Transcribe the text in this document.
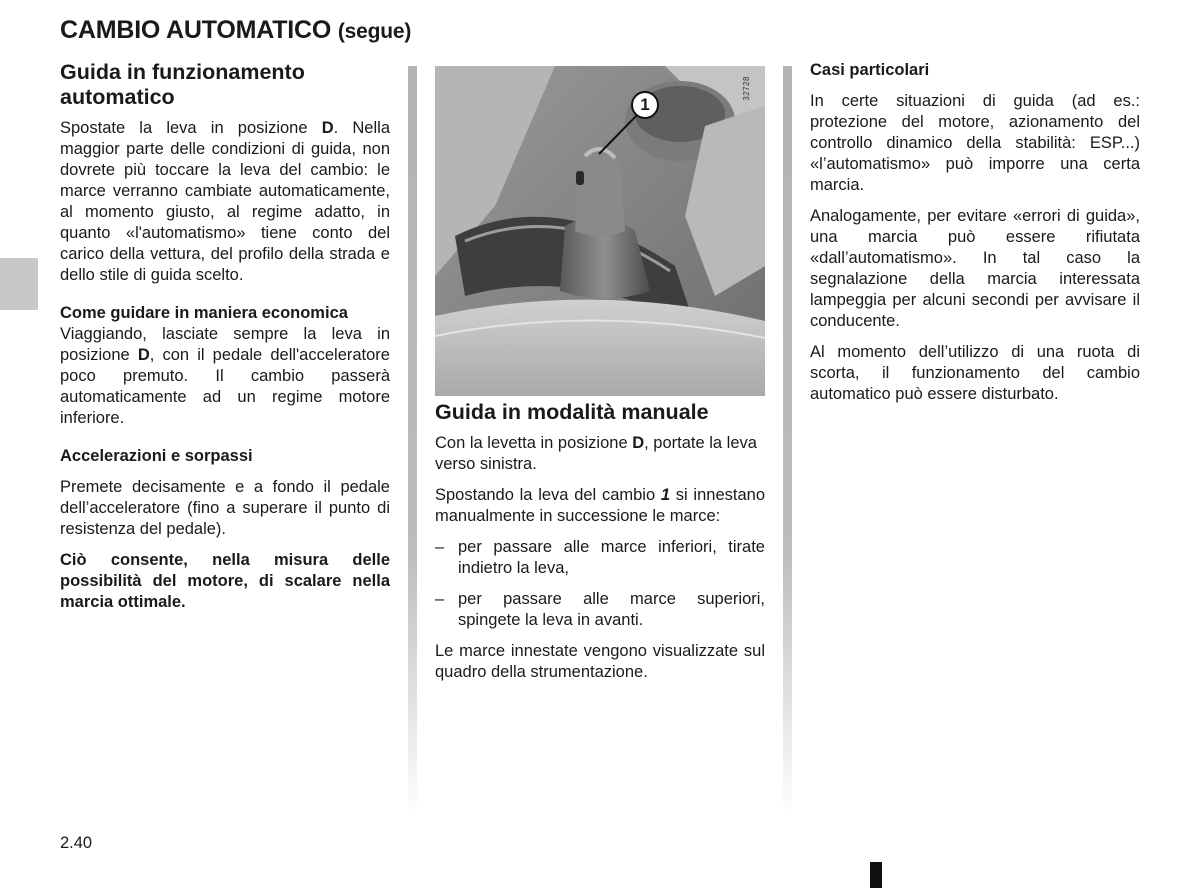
CAMBIO AUTOMATICO (segue)
Guida in funzionamento automatico

Spostate la leva in posizione D. Nella maggior parte delle condizioni di guida, non dovrete più toccare la leva del cambio: le marce verranno cambiate automaticamente, al momento giusto, al regime adatto, in quanto «l'automatismo» tiene conto del carico della vettura, del profilo della strada e dello stile di guida scelto.

Come guidare in maniera economica

Viaggiando, lasciate sempre la leva in posizione D, con il pedale dell'acceleratore poco premuto. Il cambio passerà automaticamente ad un regime motore inferiore.

Accelerazioni e sorpassi

Premete decisamente e a fondo il pedale dell’acceleratore (fino a superare il punto di resistenza del pedale).

Ciò consente, nella misura delle possibilità del motore, di scalare nella marcia ottimale.

32728
1
Guida in modalità manuale

Con la levetta in posizione D, portate la leva verso sinistra.

Spostando la leva del cambio 1 si innestano manualmente in successione le marce:

– per passare alle marce inferiori, tirate indietro la leva,
– per passare alle marce superiori, spingete la leva in avanti.

Le marce innestate vengono visualizzate sul quadro della strumentazione.

Casi particolari

In certe situazioni di guida (ad es.: protezione del motore, azionamento del controllo dinamico della stabilità: ESP...) «l’automatismo» può imporre una certa marcia.

Analogamente, per evitare «errori di guida», una marcia può essere rifiutata «dall’automatismo». In tal caso la segnalazione della marcia interessata lampeggia per alcuni secondi per avvisare il conducente.

Al momento dell’utilizzo di una ruota di scorta, il funzionamento del cambio automatico può essere disturbato.

2.40
